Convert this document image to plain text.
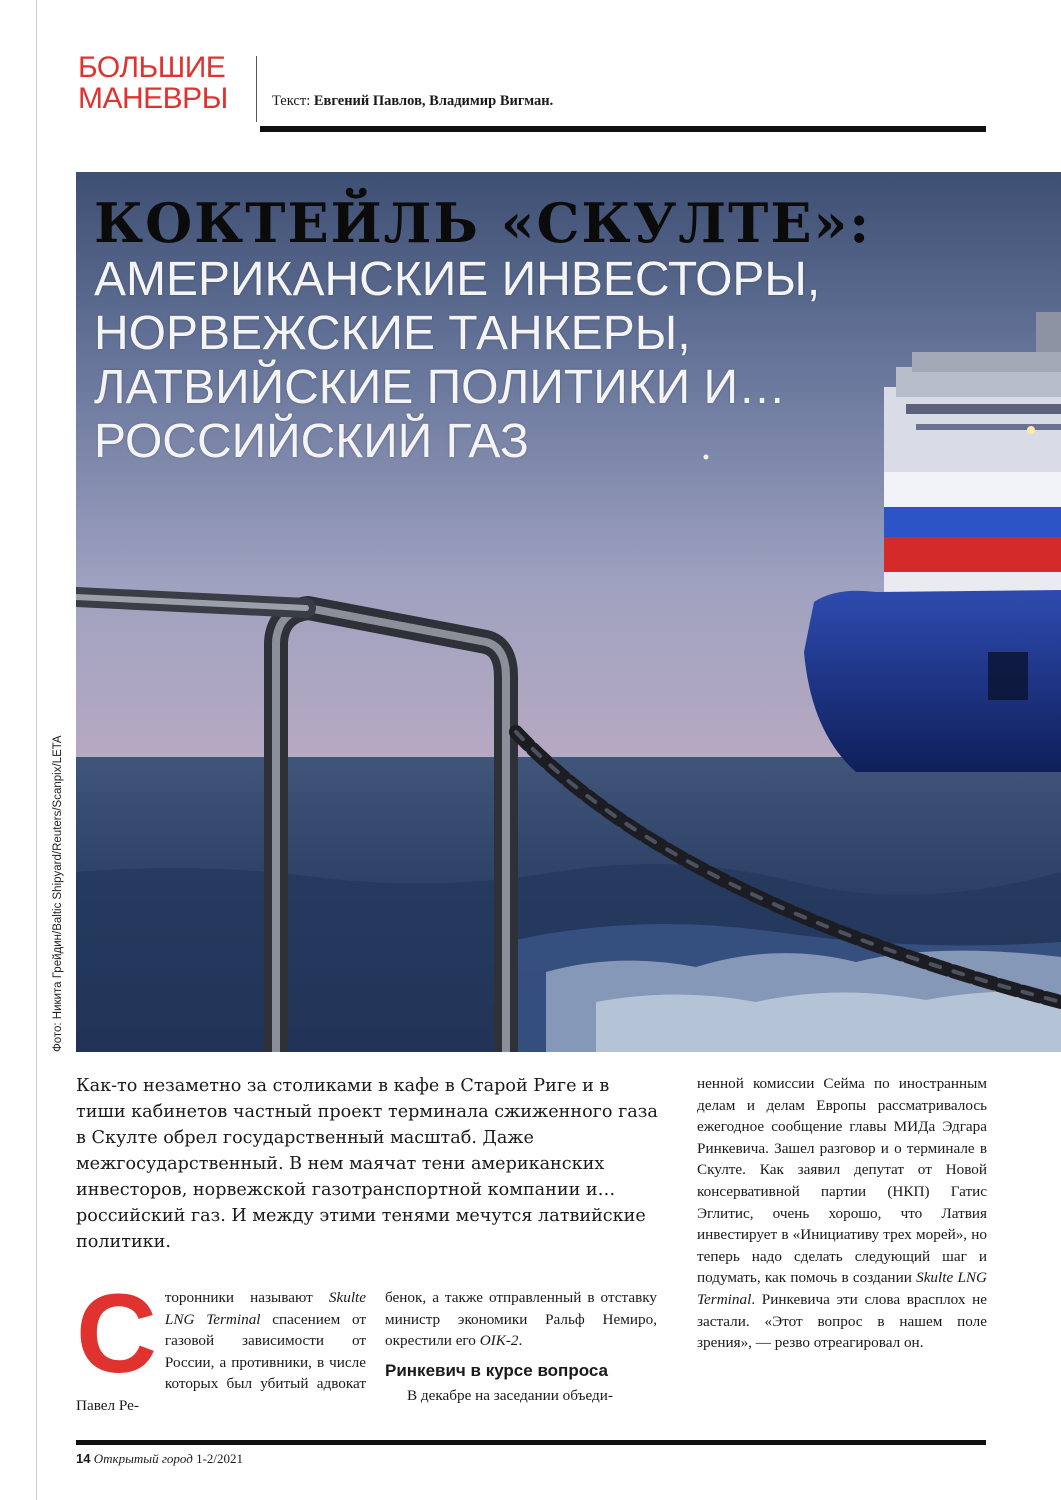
БОЛЬШИЕ
МАНЕВРЫ	Текст: Евгений Павлов, Владимир Вигман.
Фото: Никита Грейдин/Baltic Shipyard/Reuters/Scanpix/LETA
КОКТЕЙЛЬ «СКУЛТЕ»:
АМЕРИКАНСКИЕ ИНВЕСТОРЫ,
НОРВЕЖСКИЕ ТАНКЕРЫ,
ЛАТВИЙСКИЕ ПОЛИТИКИ И…
РОССИЙСКИЙ ГАЗ
Как-то незаметно за столиками в кафе в Старой Риге и в тиши кабинетов частный проект терминала сжиженного газа в Скулте обрел государственный масштаб. Даже межгосударственный. В нем маячат тени американских инвесторов, норвежской газотранспортной компании и… российский газ. И между этими тенями мечутся латвийские политики.

Сторонники называют Skulte LNG Terminal спасением от газовой зависимости от России, а противники, в числе которых был убитый адвокат Павел Ре-

бенок, а также отправленный в отставку министр экономики Ральф Немиро, окрестили его OIK-2.

Ринкевич в курсе вопроса

В декабре на заседании объеди-

ненной комиссии Сейма по иностранным делам и делам Европы рассматривалось ежегодное сообщение главы МИДа Эдгара Ринкевича. Зашел разговор и о терминале в Скулте. Как заявил депутат от Новой консервативной партии (НКП) Гатис Эглитис, очень хорошо, что Латвия инвестирует в «Инициативу трех морей», но теперь надо сделать следующий шаг и подумать, как помочь в создании Skulte LNG Terminal. Ринкевича эти слова врасплох не застали. «Этот вопрос в нашем поле зрения», — резво отреагировал он.

14 Открытый город 1-2/2021
